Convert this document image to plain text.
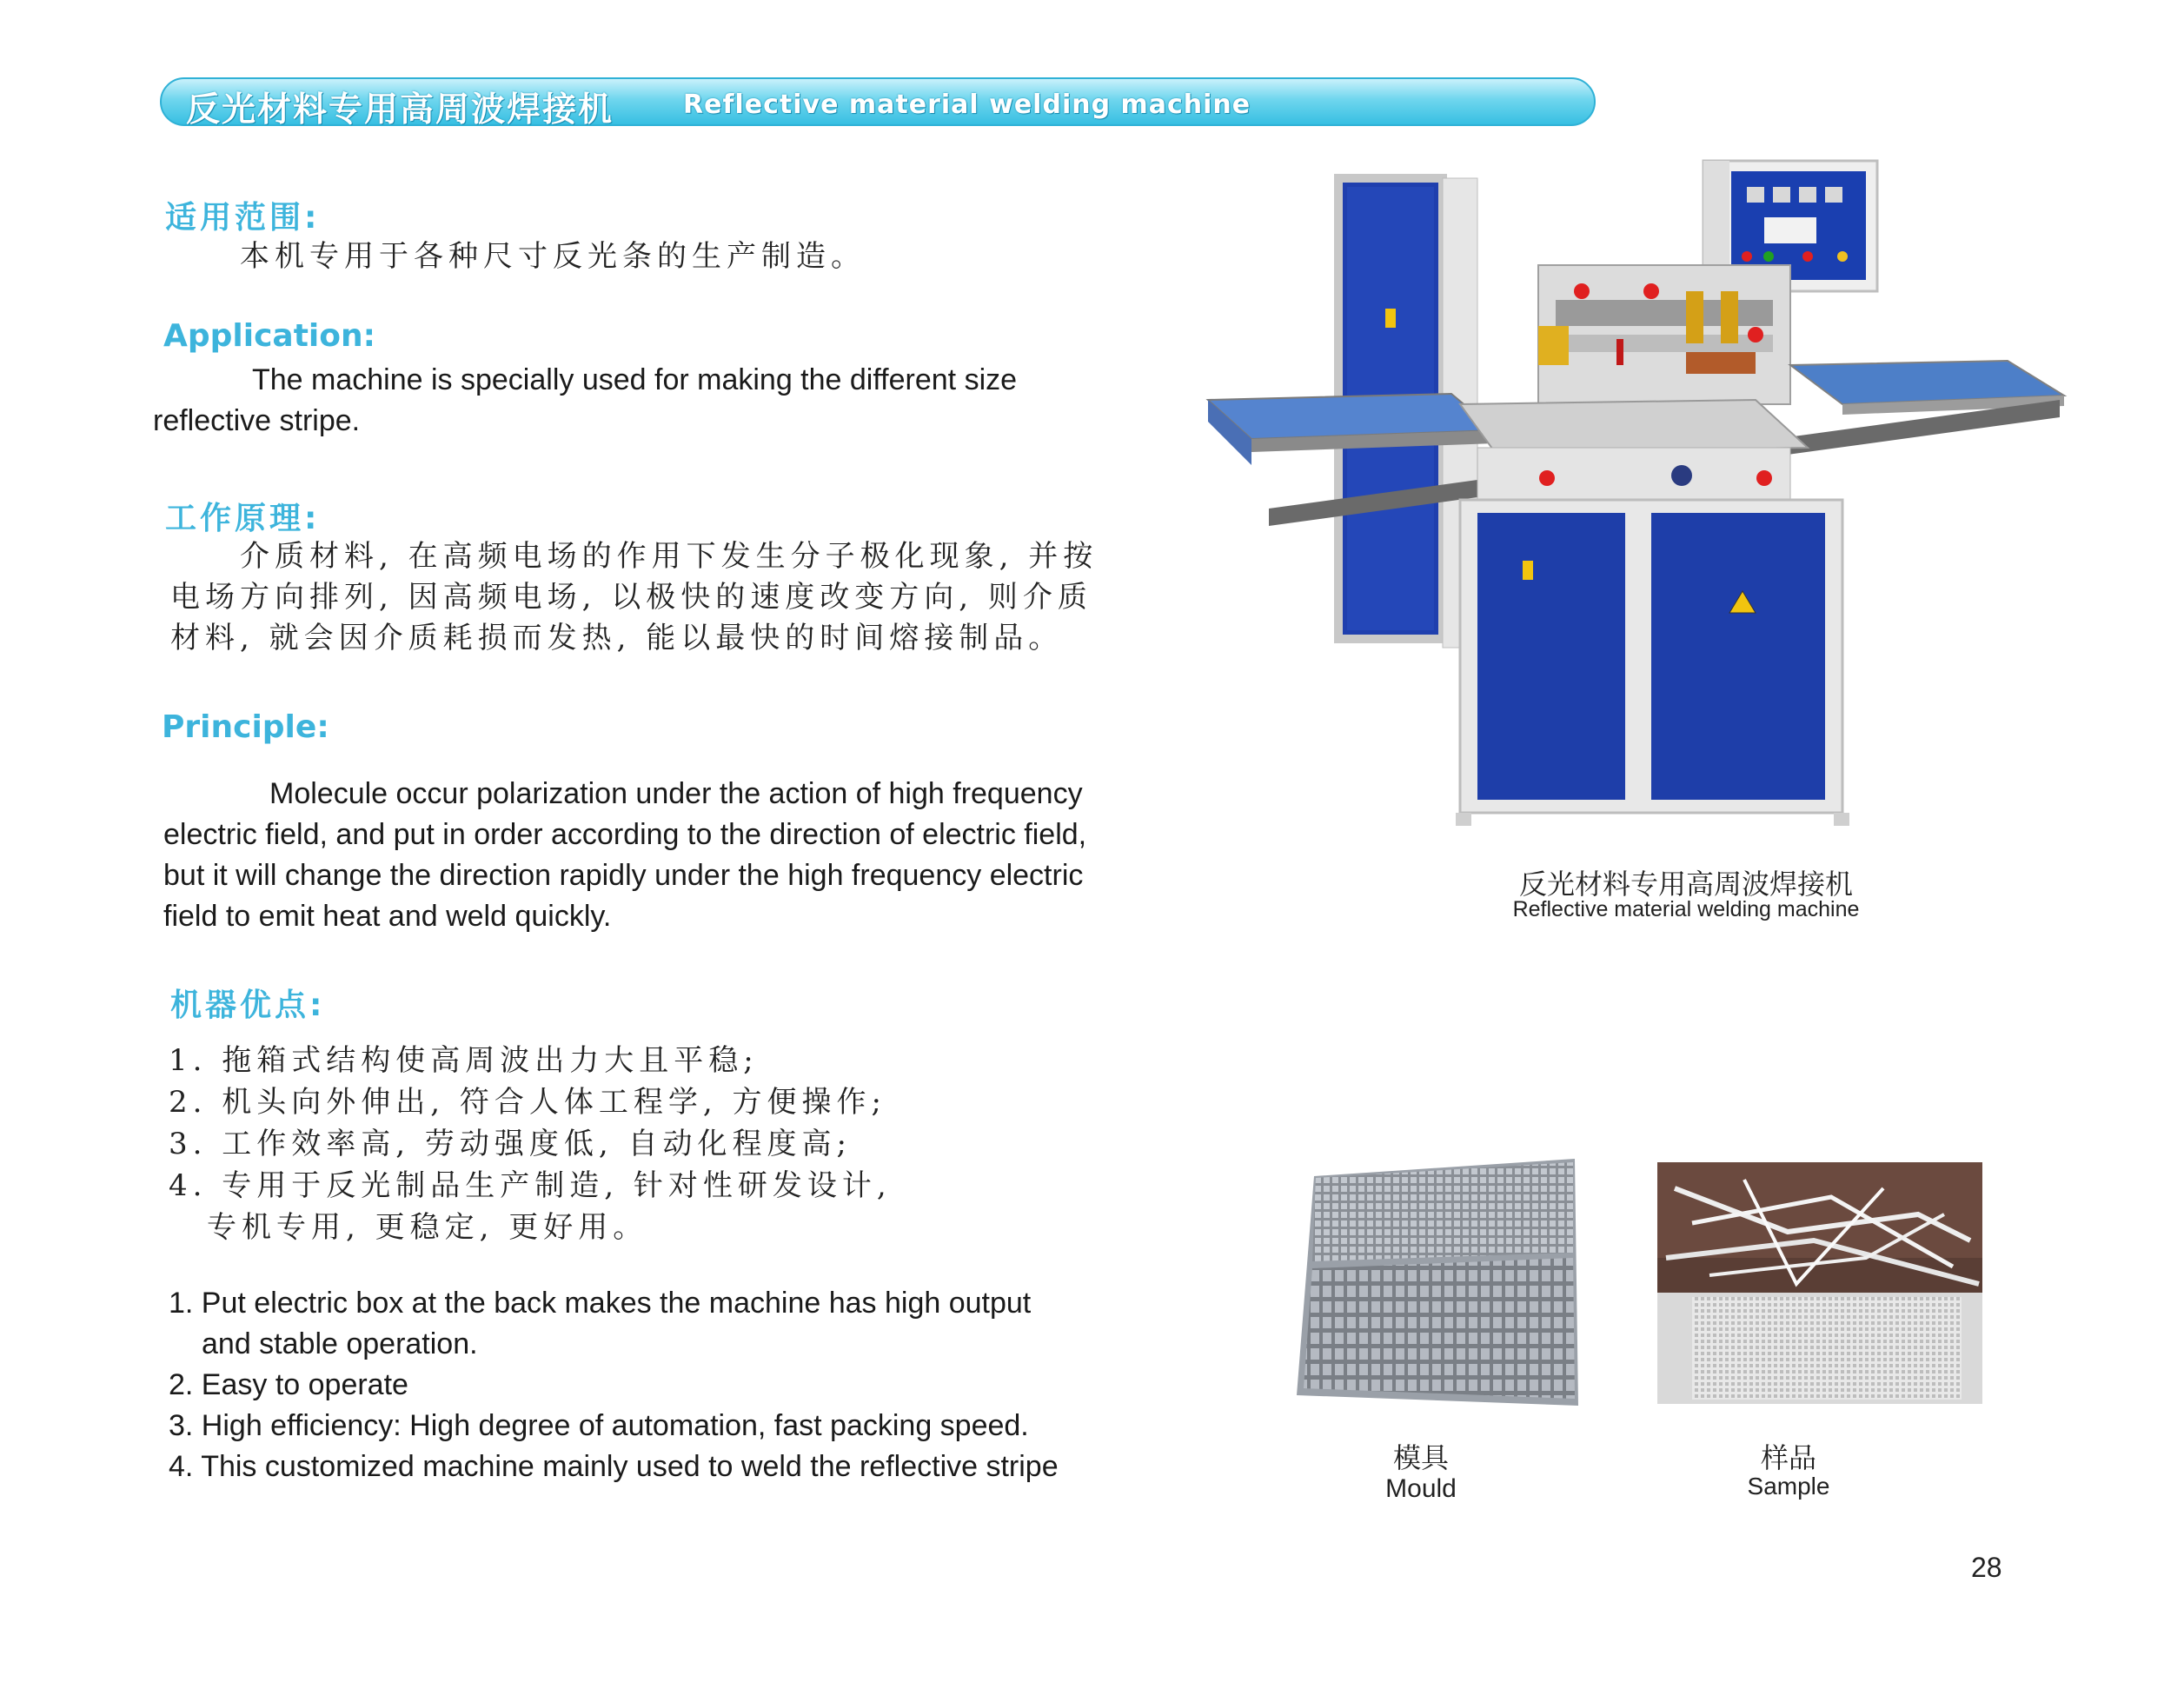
反光材料专用高周波焊接机	Reflective material welding machine
适用范围:
本机专用于各种尺寸反光条的生产制造。
Application:
The machine is specially used for making the different size
reflective stripe.
工作原理:
介质材料, 在高频电场的作用下发生分子极化现象, 并按
电场方向排列, 因高频电场, 以极快的速度改变方向, 则介质
材料, 就会因介质耗损而发热, 能以最快的时间熔接制品。
Principle:
Molecule occur polarization under the action of high frequency
electric field, and put in order according to the direction of electric field,
but it will change the direction rapidly under the high frequency electric
field to emit heat and weld quickly.
机器优点:
1. 拖箱式结构使高周波出力大且平稳;
2. 机头向外伸出, 符合人体工程学, 方便操作;
3. 工作效率高, 劳动强度低, 自动化程度高;
4. 专用于反光制品生产制造, 针对性研发设计,
专机专用, 更稳定, 更好用。
1. Put electric box at the back makes the machine has high output
and stable operation.
2. Easy to operate
3. High efficiency: High degree of automation, fast packing speed.
4. This customized machine mainly used to weld the reflective stripe
反光材料专用高周波焊接机
Reflective material welding machine
模具
Mould
样品
Sample
28
